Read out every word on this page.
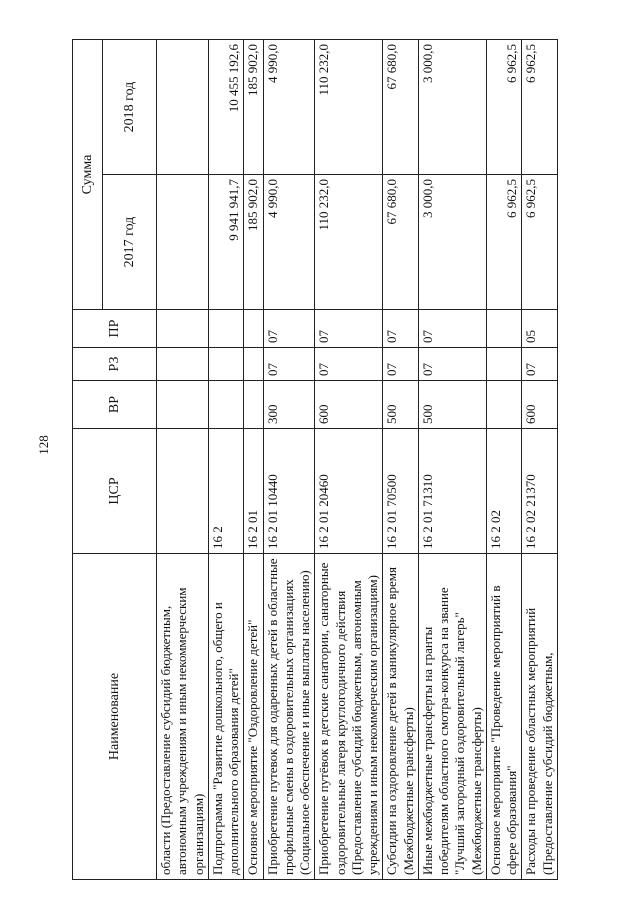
128
Наименование	ЦСР	ВР	РЗ	ПР	Сумма	
					2017 год	2018 год
области (Предоставление субсидий бюджетным, автономным учреждениям и иным некоммерческим организациям)						
Подпрограмма "Развитие дошкольного, общего и дополнительного образования детей"	16 2				9 941 941,7	10 455 192,6
Основное мероприятие "Оздоровление детей"	16 2 01				185 902,0	185 902,0
Приобретение путевок для одаренных детей в областные профильные смены в оздоровительных организациях (Социальное обеспечение и иные выплаты населению)	16 2 01 10440	300	07	07	4 990,0	4 990,0
Приобретение путёвок в детские санатории, санаторные оздоровительные лагеря круглогодичного действия (Предоставление субсидий бюджетным, автономным учреждениям и иным некоммерческим организациям)	16 2 01 20460	600	07	07	110 232,0	110 232,0
Субсидии на оздоровление детей в каникулярное время (Межбюджетные трансферты)	16 2 01 70500	500	07	07	67 680,0	67 680,0
Иные межбюджетные трансферты на гранты победителям областного смотра-конкурса на звание "Лучший загородный оздоровительный лагерь" (Межбюджетные трансферты)	16 2 01 71310	500	07	07	3 000,0	3 000,0
Основное мероприятие "Проведение мероприятий в сфере образования"	16 2 02				6 962,5	6 962,5
Расходы на проведение областных мероприятий (Предоставление субсидий бюджетным,	16 2 02 21370	600	07	05	6 962,5	6 962,5
